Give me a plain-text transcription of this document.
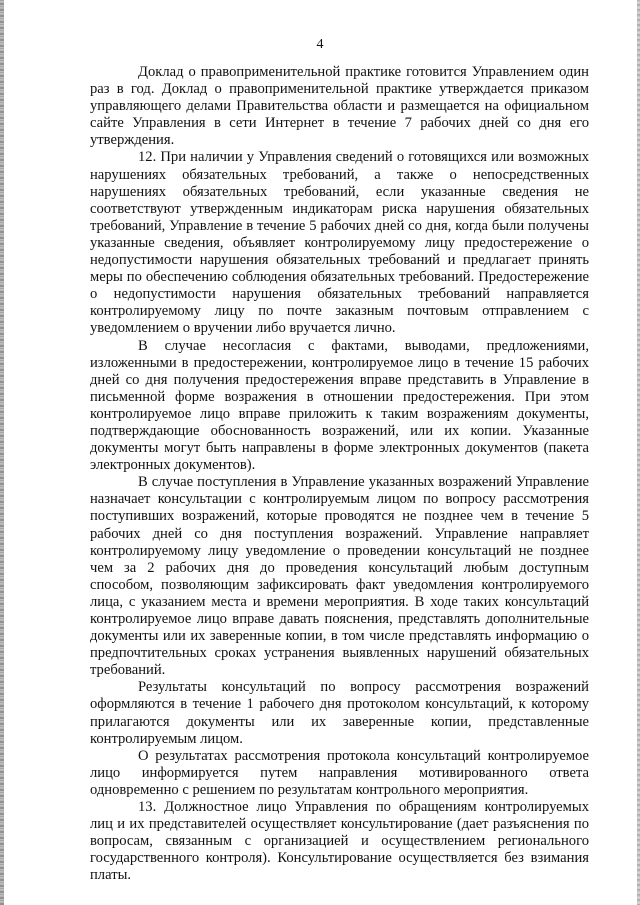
4

Доклад о правоприменительной практике готовится Управлением один раз в год. Доклад о правоприменительной практике утверждается приказом управляющего делами Правительства области и размещается на официальном сайте Управления в сети Интернет в течение 7 рабочих дней со дня его утверждения.

12. При наличии у Управления сведений о готовящихся или возможных нарушениях обязательных требований, а также о непосредственных нарушениях обязательных требований, если указанные сведения не соответствуют утвержденным индикаторам риска нарушения обязательных требований, Управление в течение 5 рабочих дней со дня, когда были получены указанные сведения, объявляет контролируемому лицу предостережение о недопустимости нарушения обязательных требований и предлагает принять меры по обеспечению соблюдения обязательных требований. Предостережение о недопустимости нарушения обязательных требований направляется контролируемому лицу по почте заказным почтовым отправлением с уведомлением о вручении либо вручается лично.

В случае несогласия с фактами, выводами, предложениями, изложенными в предостережении, контролируемое лицо в течение 15 рабочих дней со дня получения предостережения вправе представить в Управление в письменной форме возражения в отношении предостережения. При этом контролируемое лицо вправе приложить к таким возражениям документы, подтверждающие обоснованность возражений, или их копии. Указанные документы могут быть направлены в форме электронных документов (пакета электронных документов).

В случае поступления в Управление указанных возражений Управление назначает консультации с контролируемым лицом по вопросу рассмотрения поступивших возражений, которые проводятся не позднее чем в течение 5 рабочих дней со дня поступления возражений. Управление направляет контролируемому лицу уведомление о проведении консультаций не позднее чем за 2 рабочих дня до проведения консультаций любым доступным способом, позволяющим зафиксировать факт уведомления контролируемого лица, с указанием места и времени мероприятия. В ходе таких консультаций контролируемое лицо вправе давать пояснения, представлять дополнительные документы или их заверенные копии, в том числе представлять информацию о предпочтительных сроках устранения выявленных нарушений обязательных требований.

Результаты консультаций по вопросу рассмотрения возражений оформляются в течение 1 рабочего дня протоколом консультаций, к которому прилагаются документы или их заверенные копии, представленные контролируемым лицом.

О результатах рассмотрения протокола консультаций контролируемое лицо информируется путем направления мотивированного ответа одновременно с решением по результатам контрольного мероприятия.

13. Должностное лицо Управления по обращениям контролируемых лиц и их представителей осуществляет консультирование (дает разъяснения по вопросам, связанным с организацией и осуществлением регионального государственного контроля). Консультирование осуществляется без взимания платы.
